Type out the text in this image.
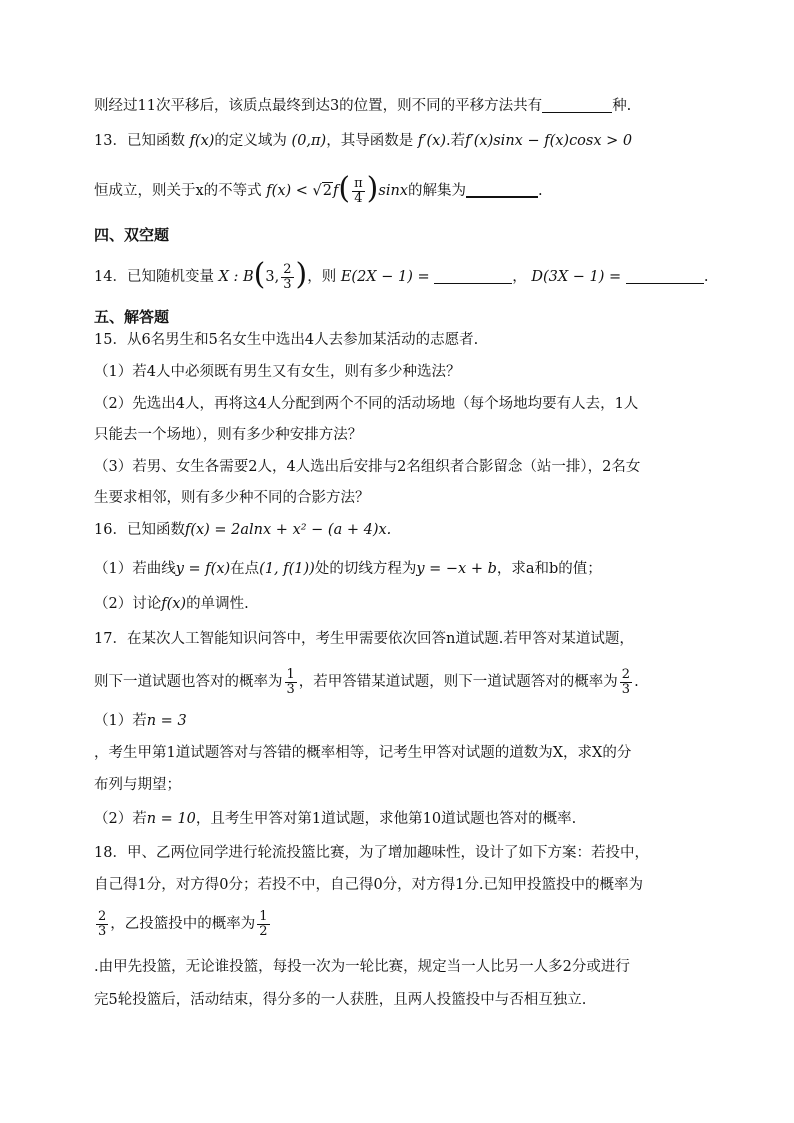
则经过11次平移后，该质点最终到达3的位置，则不同的平移方法共有	种.
13．已知函数 f(x)的定义域为 (0,π)，其导函数是 f′(x).若f′(x)sinx − f(x)cosx > 0
恒成立，则关于x的不等式 $f(x) < √2f( \frac{\pi}{4} )\sin x$的解集为	.
四、双空题
14．已知随机变量 X : B(3, $\frac{2}{3}$ )，则 E(2X − 1) =	， D(3X − 1) =	.
五、解答题
15．从6名男生和5名女生中选出4人去参加某活动的志愿者.
（1）若4人中必须既有男生又有女生，则有多少种选法？
（2）先选出4人，再将这4人分配到两个不同的活动场地（每个场地均要有人去，1人
只能去一个场地），则有多少种安排方法？
（3）若男、女生各需要2人，4人选出后安排与2名组织者合影留念（站一排），2名女
生要求相邻，则有多少种不同的合影方法？
16．已知函数f(x) = 2alnx + x² − (a + 4)x.
（1）若曲线y = f(x)在点(1, f(1))处的切线方程为y = −x + b，求a和b的值；
（2）讨论f(x)的单调性.
17．在某次人工智能知识问答中，考生甲需要依次回答n道试题.若甲答对某道试题，
则下一道试题也答对的概率为 $\frac{1}{3}$ ，若甲答错某道试题，则下一道试题答对的概率为 $\frac{2}{3}$ .
（1）若n = 3
，考生甲第1道试题答对与答错的概率相等，记考生甲答对试题的道数为X，求X的分
布列与期望；
（2）若n = 10，且考生甲答对第1道试题，求他第10道试题也答对的概率.
18．甲、乙两位同学进行轮流投篮比赛，为了增加趣味性，设计了如下方案：若投中，
自己得1分，对方得0分；若投不中，自己得0分，对方得1分.已知甲投篮投中的概率为
$\frac{2}{3}$ ，乙投篮投中的概率为 $\frac{1}{2}$
.由甲先投篮，无论谁投篮，每投一次为一轮比赛，规定当一人比另一人多2分或进行
完5轮投篮后，活动结束，得分多的一人获胜，且两人投篮投中与否相互独立.
